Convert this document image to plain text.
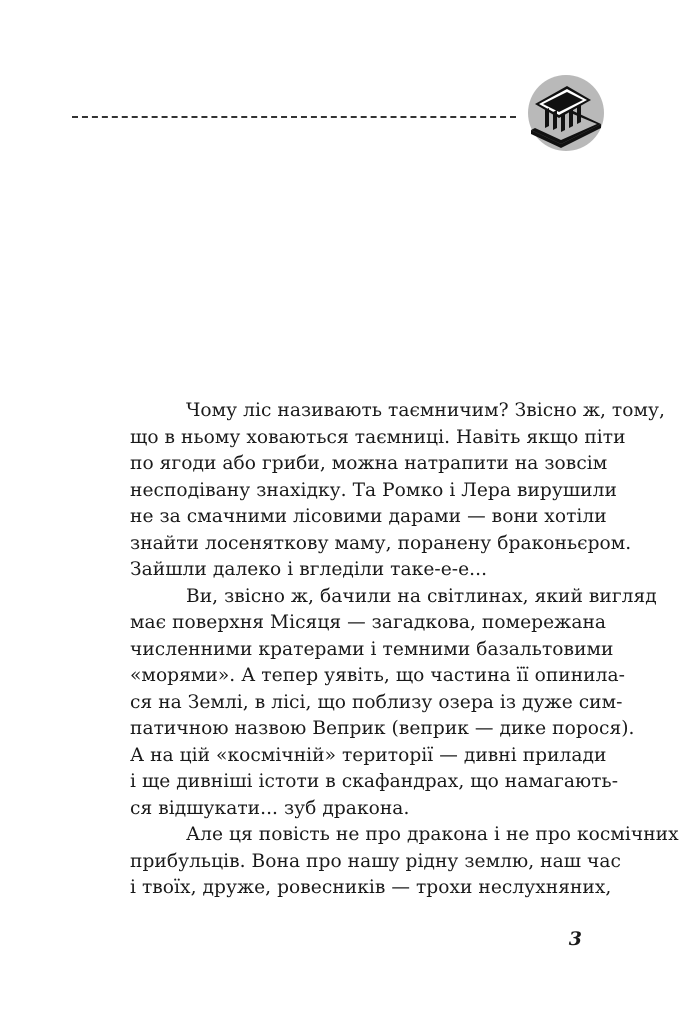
Чому ліс називають таємничим? Звісно ж, тому,
що в ньому ховаються таємниці. Навіть якщо піти
по ягоди або гриби, можна натрапити на зовсім
несподівану знахідку. Та Ромко і Лера вирушили
не за смачними лісовими дарами — вони хотіли
знайти лосеняткову маму, поранену браконьєром.
Зайшли далеко і вгледіли таке-е-е...

Ви, звісно ж, бачили на світлинах, який вигляд
має поверхня Місяця — загадкова, помережана
численними кратерами і темними базальтовими
«морями». А тепер уявіть, що частина її опинила-
ся на Землі, в лісі, що поблизу озера із дуже сим-
патичною назвою Веприк (веприк — дике порося).
А на цій «космічній» території — дивні прилади
і ще дивніші істоти в скафандрах, що намагають-
ся відшукати... зуб дракона.

Але ця повість не про дракона і не про космічних
прибульців. Вона про нашу рідну землю, наш час
і твоїх, друже, ровесників — трохи неслухняних,

3
